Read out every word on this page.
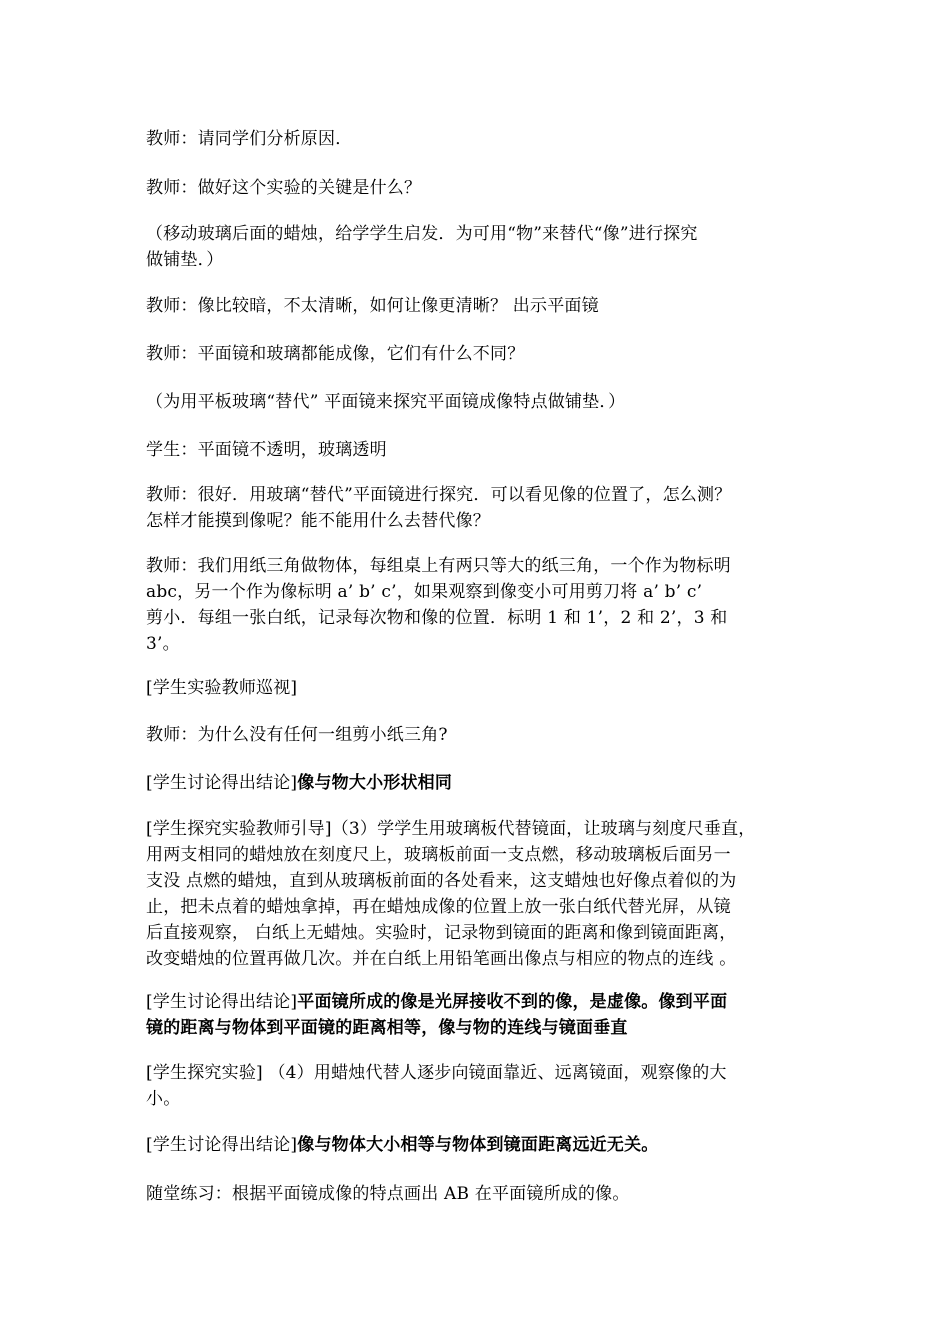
教师：请同学们分析原因．
教师：做好这个实验的关键是什么？
（移动玻璃后面的蜡烛，给学学生启发．为可用“物”来替代“像”进行探究
做铺垫．）
教师：像比较暗，不太清晰，如何让像更清晰？ 出示平面镜
教师：平面镜和玻璃都能成像，它们有什么不同？
（为用平板玻璃“替代” 平面镜来探究平面镜成像特点做铺垫．）
学生：平面镜不透明，玻璃透明
教师：很好．用玻璃“替代”平面镜进行探究．可以看见像的位置了，怎么测？
怎样才能摸到像呢？能不能用什么去替代像？
教师：我们用纸三角做物体，每组桌上有两只等大的纸三角，一个作为物标明
abc，另一个作为像标明 a’ b’ c’，如果观察到像变小可用剪刀将 a’ b’ c’
剪小．每组一张白纸，记录每次物和像的位置．标明 1 和 1’，2 和 2’，3 和
3’。
[学生实验教师巡视]
教师：为什么没有任何一组剪小纸三角?
[学生讨论得出结论]像与物大小形状相同
[学生探究实验教师引导]（3）学学生用玻璃板代替镜面，让玻璃与刻度尺垂直，
用两支相同的蜡烛放在刻度尺上，玻璃板前面一支点燃，移动玻璃板后面另一
支没 点燃的蜡烛，直到从玻璃板前面的各处看来，这支蜡烛也好像点着似的为
止，把未点着的蜡烛拿掉，再在蜡烛成像的位置上放一张白纸代替光屏，从镜
后直接观察， 白纸上无蜡烛。实验时，记录物到镜面的距离和像到镜面距离，
改变蜡烛的位置再做几次。并在白纸上用铅笔画出像点与相应的物点的连线 。
[学生讨论得出结论]平面镜所成的像是光屏接收不到的像，是虚像。像到平面
镜的距离与物体到平面镜的距离相等，像与物的连线与镜面垂直
[学生探究实验] （4）用蜡烛代替人逐步向镜面靠近、远离镜面，观察像的大
小。
[学生讨论得出结论]像与物体大小相等与物体到镜面距离远近无关。
随堂练习：根据平面镜成像的特点画出 AB 在平面镜所成的像。
